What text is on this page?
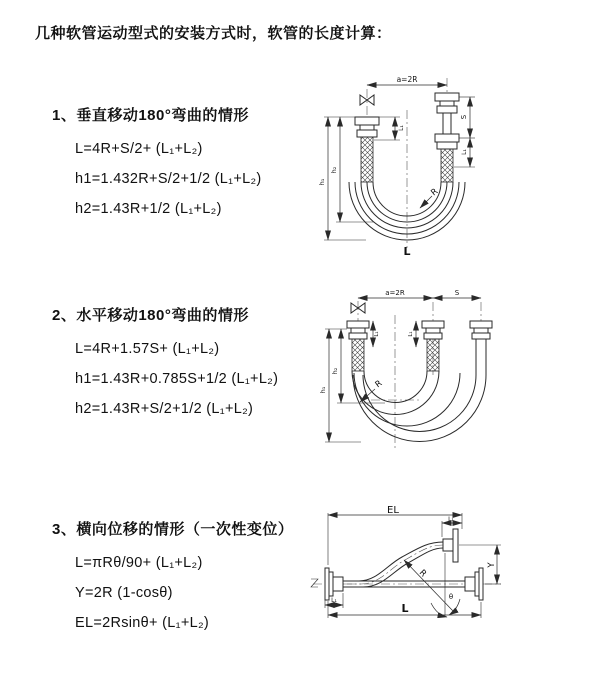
几种软管运动型式的安装方式时，软管的长度计算：
1、垂直移动180°弯曲的情形
L=4R+S/2+ (L₁+L₂)
h1=1.432R+S/2+1/2 (L₁+L₂)
h2=1.43R+1/2 (L₁+L₂)
2、水平移动180°弯曲的情形
L=4R+1.57S+ (L₁+L₂)
h1=1.43R+0.785S+1/2 (L₁+L₂)
h2=1.43R+S/2+1/2 (L₁+L₂)
3、横向位移的情形（一次性变位）
L=πRθ/90+ (L₁+L₂)
Y=2R (1-cosθ)
EL=2Rsinθ+ (L₁+L₂)
a=2R
h₁
h₂
L₁
S
L₁
R
L
a=2R	S
h₁
h₂
L₁	L₁
R
EL
L₁
Y
L
L₁
R
θ
